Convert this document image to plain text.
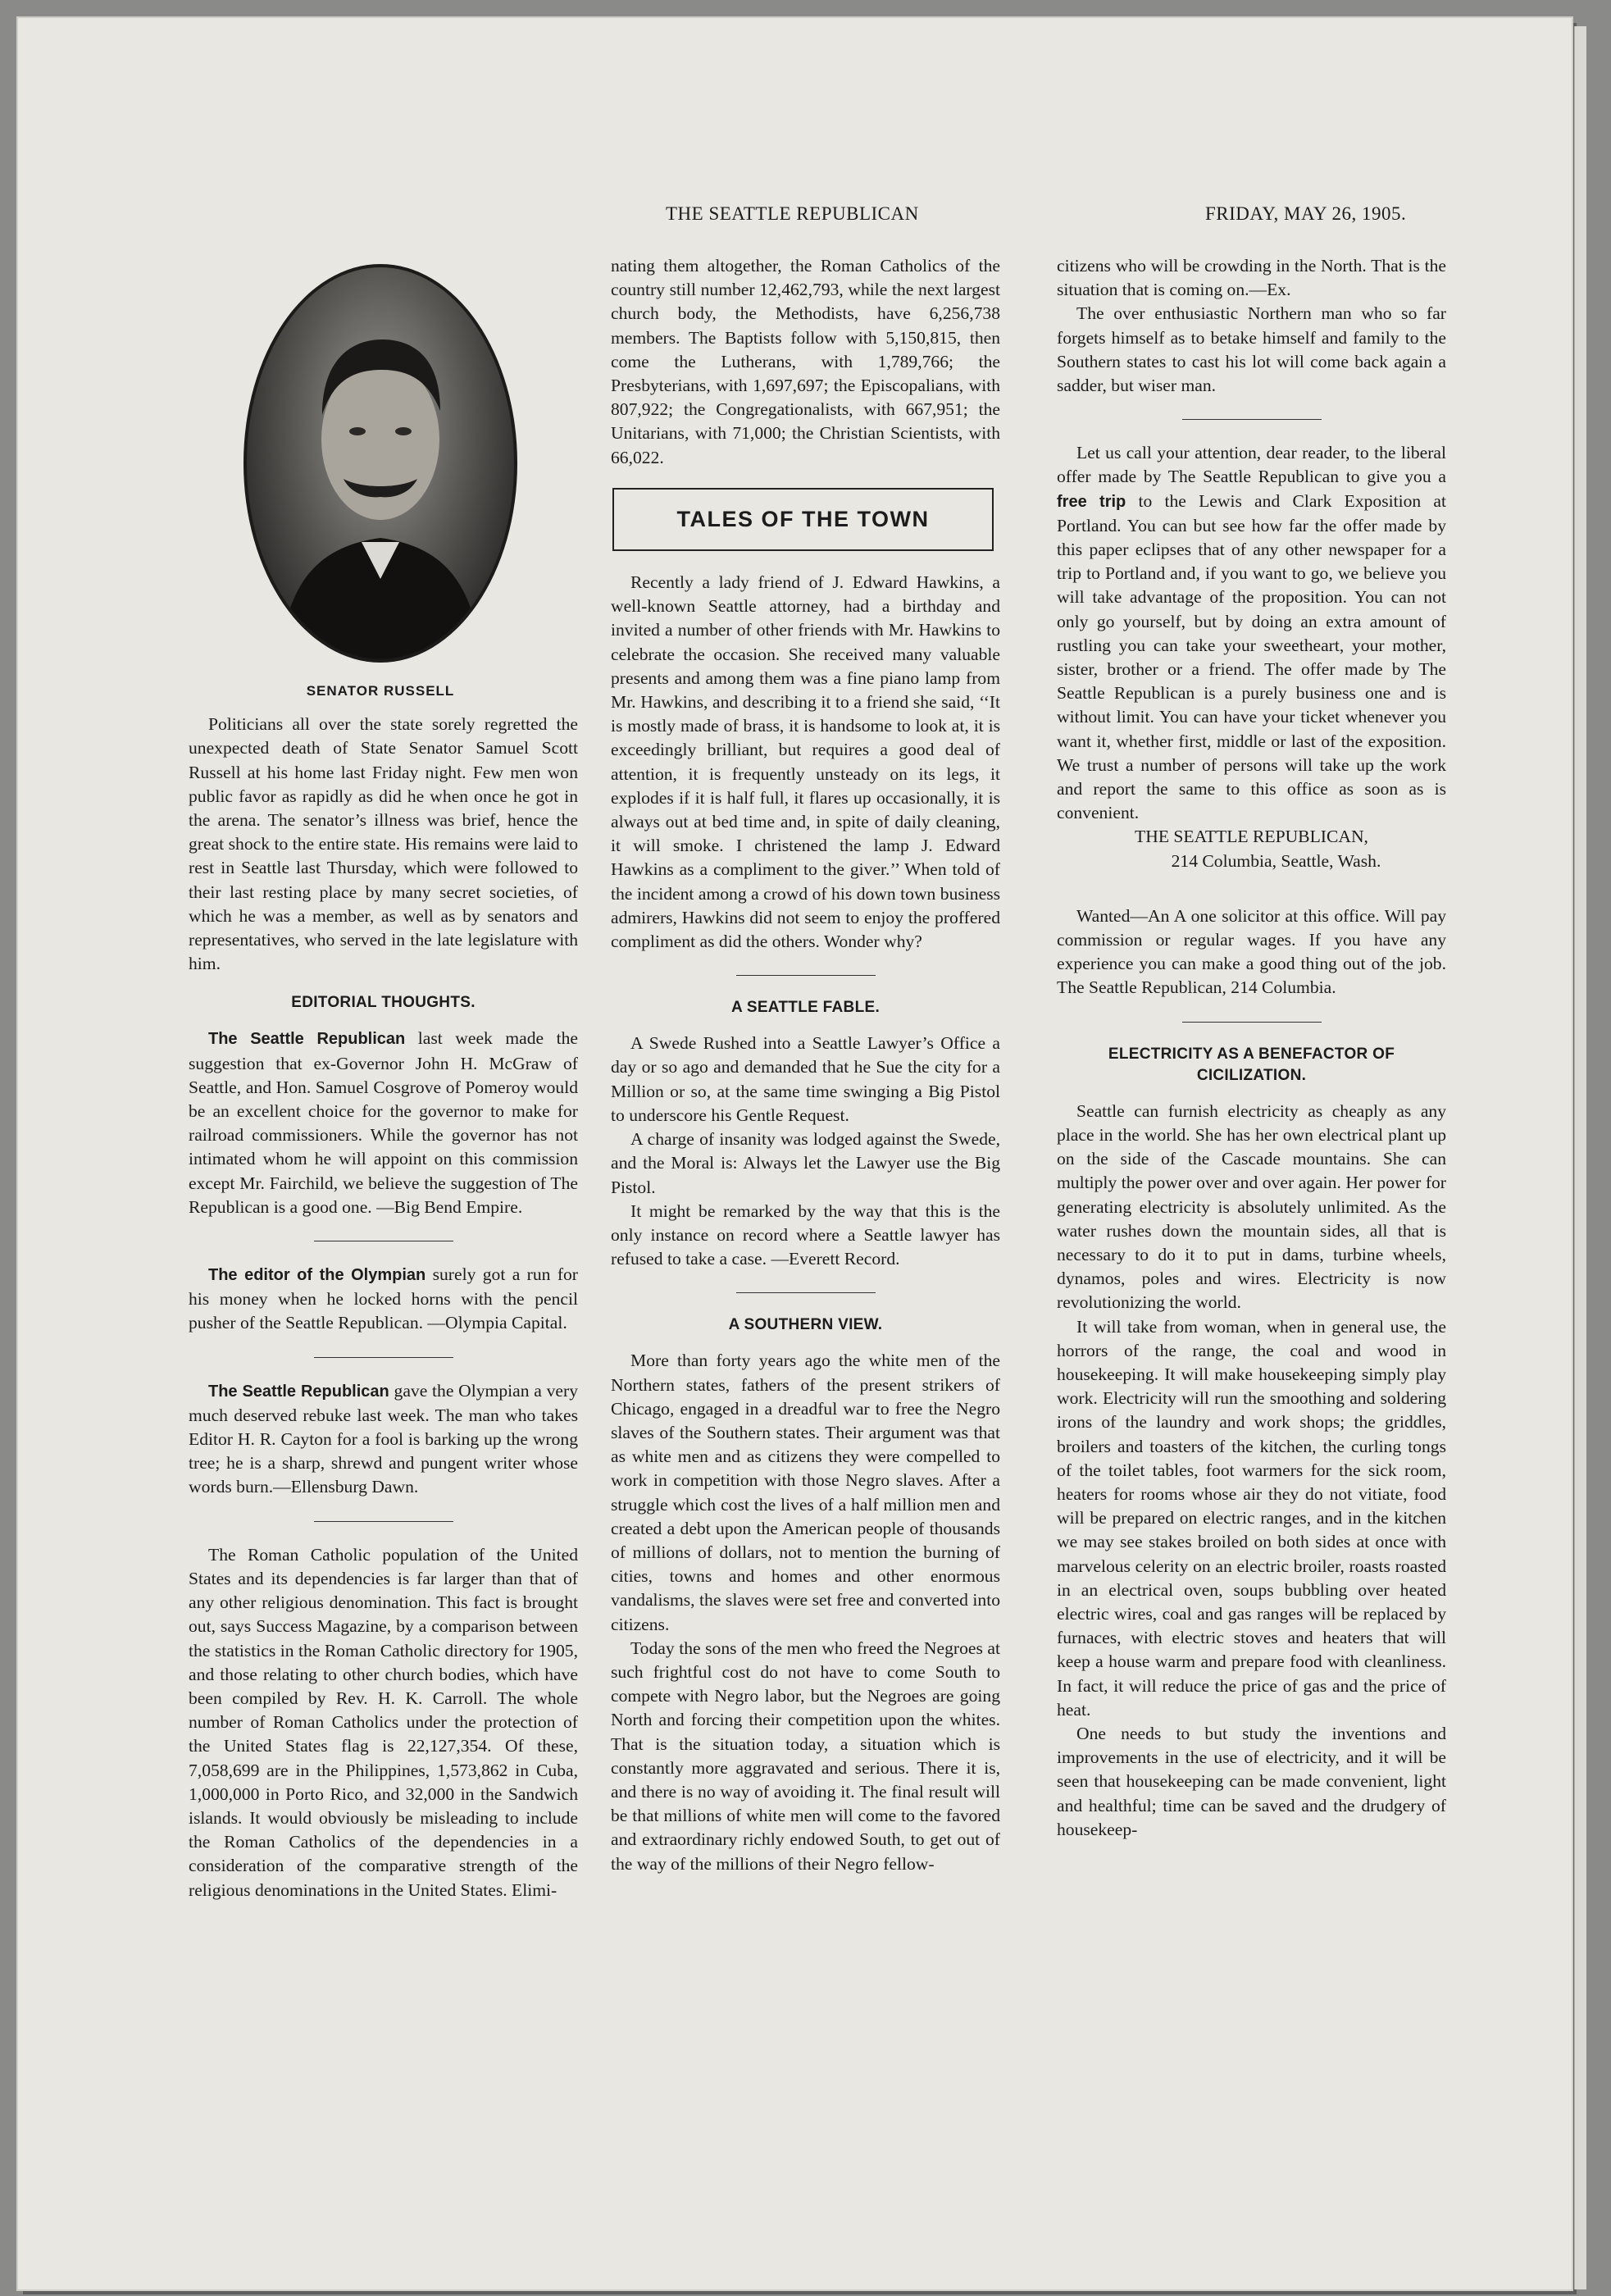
THE SEATTLE REPUBLICAN	FRIDAY, MAY 26, 1905.
SENATOR RUSSELL

Politicians all over the state sorely regretted the unexpected death of State Senator Samuel Scott Russell at his home last Friday night. Few men won public favor as rapidly as did he when once he got in the arena. The senator’s illness was brief, hence the great shock to the entire state. His remains were laid to rest in Seattle last Thursday, which were followed to their last resting place by many secret societies, of which he was a member, as well as by senators and representatives, who served in the late legislature with him.

EDITORIAL THOUGHTS.

The Seattle Republican last week made the suggestion that ex-Governor John H. McGraw of Seattle, and Hon. Samuel Cosgrove of Pomeroy would be an excellent choice for the governor to make for railroad commissioners. While the governor has not intimated whom he will appoint on this commission except Mr. Fairchild, we believe the suggestion of The Republican is a good one. —Big Bend Empire.

The editor of the Olympian surely got a run for his money when he locked horns with the pencil pusher of the Seattle Republican. —Olympia Capital.

The Seattle Republican gave the Olympian a very much deserved rebuke last week. The man who takes Editor H. R. Cayton for a fool is barking up the wrong tree; he is a sharp, shrewd and pungent writer whose words burn.—Ellensburg Dawn.

The Roman Catholic population of the United States and its dependencies is far larger than that of any other religious denomination. This fact is brought out, says Success Magazine, by a comparison between the statistics in the Roman Catholic directory for 1905, and those relating to other church bodies, which have been compiled by Rev. H. K. Carroll. The whole number of Roman Catholics under the protection of the United States flag is 22,127,354. Of these, 7,058,699 are in the Philippines, 1,573,862 in Cuba, 1,000,000 in Porto Rico, and 32,000 in the Sandwich islands. It would obviously be misleading to include the Roman Catholics of the dependencies in a consideration of the comparative strength of the religious denominations in the United States. Elimi-

nating them altogether, the Roman Catholics of the country still number 12,462,793, while the next largest church body, the Methodists, have 6,256,738 members. The Baptists follow with 5,150,815, then come the Lutherans, with 1,789,766; the Presbyterians, with 1,697,697; the Episcopalians, with 807,922; the Congregationalists, with 667,951; the Unitarians, with 71,000; the Christian Scientists, with 66,022.

TALES OF THE TOWN

Recently a lady friend of J. Edward Hawkins, a well-known Seattle attorney, had a birthday and invited a number of other friends with Mr. Hawkins to celebrate the occasion. She received many valuable presents and among them was a fine piano lamp from Mr. Hawkins, and describing it to a friend she said, ‘‘It is mostly made of brass, it is handsome to look at, it is exceedingly brilliant, but requires a good deal of attention, it is frequently unsteady on its legs, it explodes if it is half full, it flares up occasionally, it is always out at bed time and, in spite of daily cleaning, it will smoke. I christened the lamp J. Edward Hawkins as a compliment to the giver.’’ When told of the incident among a crowd of his down town business admirers, Hawkins did not seem to enjoy the proffered compliment as did the others. Wonder why?

A SEATTLE FABLE.

A Swede Rushed into a Seattle Lawyer’s Office a day or so ago and demanded that he Sue the city for a Million or so, at the same time swinging a Big Pistol to underscore his Gentle Request.

A charge of insanity was lodged against the Swede, and the Moral is: Always let the Lawyer use the Big Pistol.

It might be remarked by the way that this is the only instance on record where a Seattle lawyer has refused to take a case. —Everett Record.

A SOUTHERN VIEW.

More than forty years ago the white men of the Northern states, fathers of the present strikers of Chicago, engaged in a dreadful war to free the Negro slaves of the Southern states. Their argument was that as white men and as citizens they were compelled to work in competition with those Negro slaves. After a struggle which cost the lives of a half million men and created a debt upon the American people of thousands of millions of dollars, not to mention the burning of cities, towns and homes and other enormous vandalisms, the slaves were set free and converted into citizens.

Today the sons of the men who freed the Negroes at such frightful cost do not have to come South to compete with Negro labor, but the Negroes are going North and forcing their competition upon the whites. That is the situation today, a situation which is constantly more aggravated and serious. There it is, and there is no way of avoiding it. The final result will be that millions of white men will come to the favored and extraordinary richly endowed South, to get out of the way of the millions of their Negro fellow-

citizens who will be crowding in the North. That is the situation that is coming on.—Ex.

The over enthusiastic Northern man who so far forgets himself as to betake himself and family to the Southern states to cast his lot will come back again a sadder, but wiser man.

Let us call your attention, dear reader, to the liberal offer made by The Seattle Republican to give you a free trip to the Lewis and Clark Exposition at Portland. You can but see how far the offer made by this paper eclipses that of any other newspaper for a trip to Portland and, if you want to go, we believe you will take advantage of the proposition. You can not only go yourself, but by doing an extra amount of rustling you can take your sweetheart, your mother, sister, brother or a friend. The offer made by The Seattle Republican is a purely business one and is without limit. You can have your ticket whenever you want it, whether first, middle or last of the exposition. We trust a number of persons will take up the work and report the same to this office as soon as is convenient.

THE SEATTLE REPUBLICAN,

214 Columbia, Seattle, Wash.

Wanted—An A one solicitor at this office. Will pay commission or regular wages. If you have any experience you can make a good thing out of the job. The Seattle Republican, 214 Columbia.

ELECTRICITY AS A BENEFACTOR OF CICILIZATION.

Seattle can furnish electricity as cheaply as any place in the world. She has her own electrical plant up on the side of the Cascade mountains. She can multiply the power over and over again. Her power for generating electricity is absolutely unlimited. As the water rushes down the mountain sides, all that is necessary to do it to put in dams, turbine wheels, dynamos, poles and wires. Electricity is now revolutionizing the world.

It will take from woman, when in general use, the horrors of the range, the coal and wood in housekeeping. It will make housekeeping simply play work. Electricity will run the smoothing and soldering irons of the laundry and work shops; the griddles, broilers and toasters of the kitchen, the curling tongs of the toilet tables, foot warmers for the sick room, heaters for rooms whose air they do not vitiate, food will be prepared on electric ranges, and in the kitchen we may see stakes broiled on both sides at once with marvelous celerity on an electric broiler, roasts roasted in an electrical oven, soups bubbling over heated electric wires, coal and gas ranges will be replaced by furnaces, with electric stoves and heaters that will keep a house warm and prepare food with cleanliness. In fact, it will reduce the price of gas and the price of heat.

One needs to but study the inventions and improvements in the use of electricity, and it will be seen that housekeeping can be made convenient, light and healthful; time can be saved and the drudgery of housekeep-
